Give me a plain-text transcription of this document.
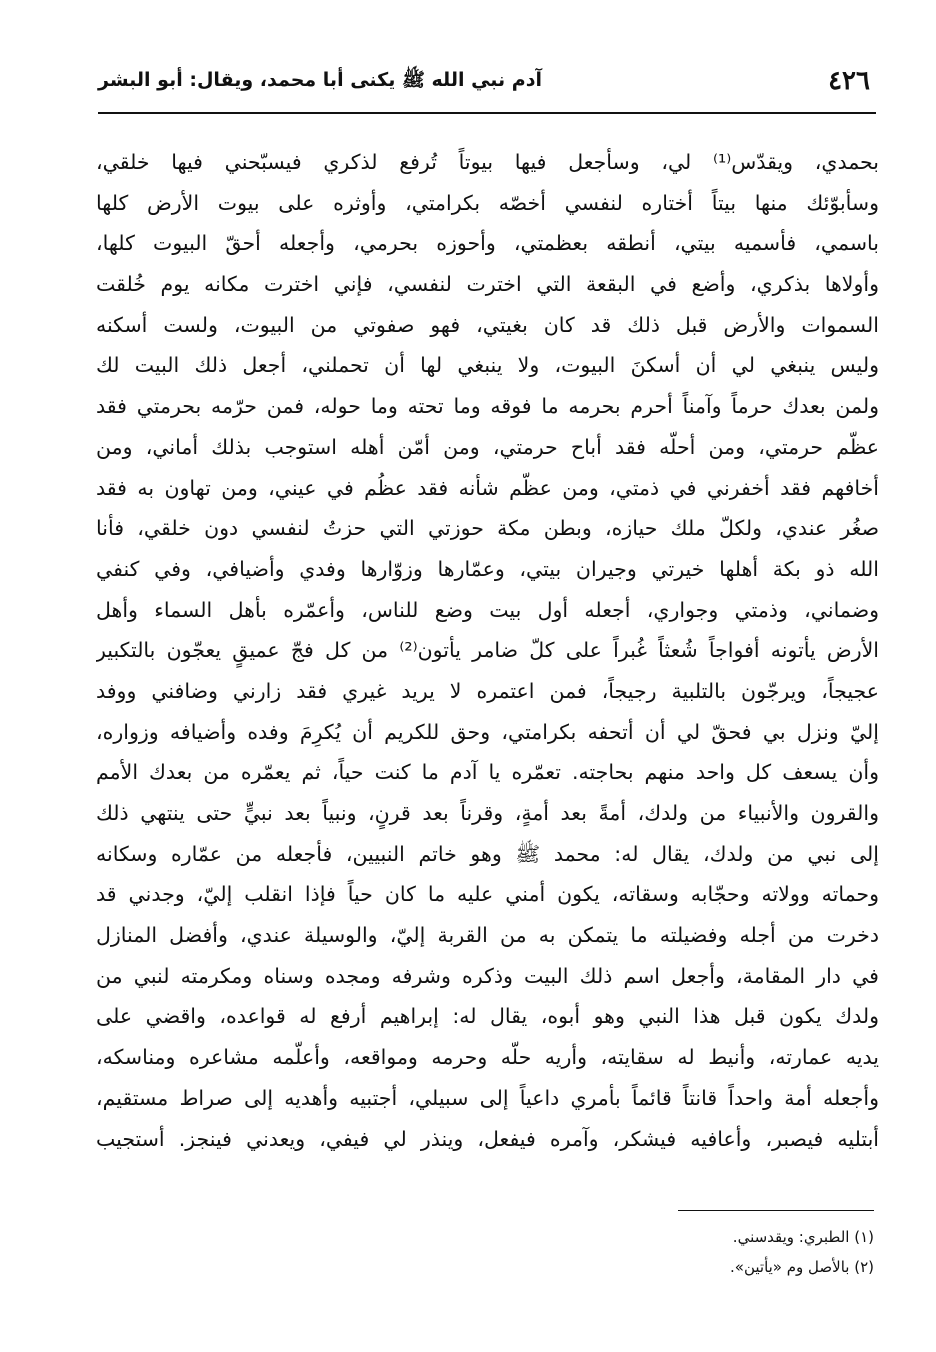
٤٢٦
آدم نبي الله ﷺ يكنى أبا محمد، ويقال: أبو البشر
بحمدي، ويقدّس⁽¹⁾ لي، وسأجعل فيها بيوتاً تُرفع لذكري فيسبّحني فيها خلقي،
وسأبوّئك منها بيتاً أختاره لنفسي أخصّه بكرامتي، وأوثره على بيوت الأرض كلها
باسمي، فأسميه بيتي، أنطقه بعظمتي، وأحوزه بحرمي، وأجعله أحقّ البيوت كلها،
وأولاها بذكري، وأضع في البقعة التي اخترت لنفسي، فإني اخترت مكانه يوم خُلقت
السموات والأرض قبل ذلك قد كان بغيتي، فهو صفوتي من البيوت، ولست أسكنه
وليس ينبغي لي أن أسكنَ البيوت، ولا ينبغي لها أن تحملني، أجعل ذلك البيت لك
ولمن بعدك حرماً وآمناً أحرم بحرمه ما فوقه وما تحته وما حوله، فمن حرّمه بحرمتي فقد
عظّم حرمتي، ومن أحلّه فقد أباح حرمتي، ومن أمّن أهله استوجب بذلك أماني، ومن
أخافهم فقد أخفرني في ذمتي، ومن عظّم شأنه فقد عظُم في عيني، ومن تهاون به فقد
صغُر عندي، ولكلّ ملك حيازه، وبطن مكة حوزتي التي حزتُ لنفسي دون خلقي، فأنا
الله ذو بكة أهلها خيرتي وجيران بيتي، وعمّارها وزوّارها وفدي وأضيافي، وفي كنفي
وضماني، وذمتي وجواري، أجعله أول بيت وضع للناس، وأعمّره بأهل السماء وأهل
الأرض يأتونه أفواجاً شُعثاً غُبراً على كلّ ضامر يأتون⁽²⁾ من كل فجّ عميقٍ يعجّون بالتكبير
عجيجاً، ويرجّون بالتلبية رجيجاً، فمن اعتمره لا يريد غيري فقد زارني وضافني ووفد
إليّ ونزل بي فحقّ لي أن أتحفه بكرامتي، وحق للكريم أن يُكرِمَ وفده وأضيافه وزواره،
وأن يسعف كل واحد منهم بحاجته. تعمّره يا آدم ما كنت حياً، ثم يعمّره من بعدك الأمم
والقرون والأنبياء من ولدك، أمةً بعد أمةٍ، وقرناً بعد قرنٍ، ونبياً بعد نبيٍّ حتى ينتهي ذلك
إلى نبي من ولدك، يقال له: محمد ﷺ وهو خاتم النبيين، فأجعله من عمّاره وسكانه
وحماته وولاته وحجّابه وسقاته، يكون أمني عليه ما كان حياً فإذا انقلب إليّ، وجدني قد
دخرت من أجله وفضيلته ما يتمكن به من القربة إليّ، والوسيلة عندي، وأفضل المنازل
في دار المقامة، وأجعل اسم ذلك البيت وذكره وشرفه ومجده وسناه ومكرمته لنبي من
ولدك يكون قبل هذا النبي وهو أبوه، يقال له: إبراهيم أرفع له قواعده، واقضي على
يديه عمارته، وأنيط له سقايته، وأريه حلّه وحرمه ومواقعه، وأعلّمه مشاعره ومناسكه،
وأجعله أمة واحداً قانتاً قائماً بأمري داعياً إلى سبيلي، أجتبيه وأهديه إلى صراط مستقيم،
أبتليه فيصبر، وأعافيه فيشكر، وآمره فيفعل، وينذر لي فيفي، ويعدني فينجز. أستجيب
(١) الطبري: ويقدسني.
(٢) بالأصل وم «يأتين».
